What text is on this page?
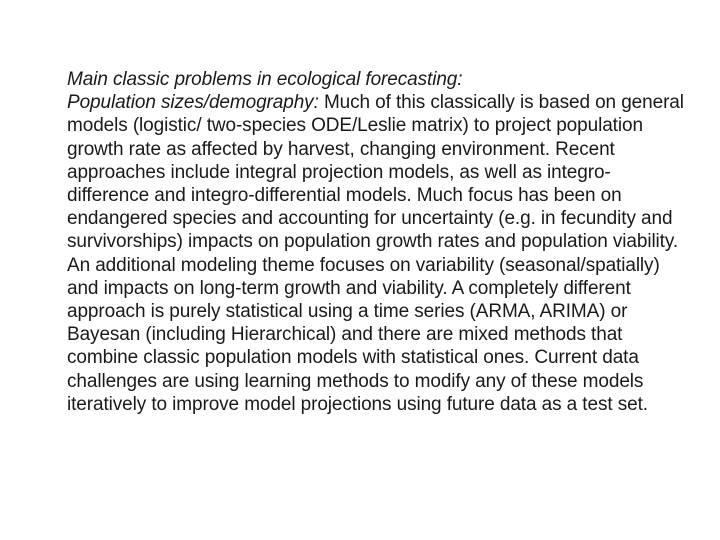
Main classic problems in ecological forecasting:

Population sizes/demography: Much of this classically is based on general models (logistic/ two-species ODE/Leslie matrix) to project population growth rate as affected by harvest, changing environment. Recent approaches include integral projection models, as well as integro-difference and integro-differential models. Much focus has been on endangered species and accounting for uncertainty (e.g. in fecundity and survivorships) impacts on population growth rates and population viability. An additional modeling theme focuses on variability (seasonal/spatially) and impacts on long-term growth and viability. A completely different approach is purely statistical using a time series (ARMA, ARIMA) or Bayesan (including Hierarchical) and there are mixed methods that combine classic population models with statistical ones. Current data challenges are using learning methods to modify any of these models iteratively to improve model projections using future data as a test set.
